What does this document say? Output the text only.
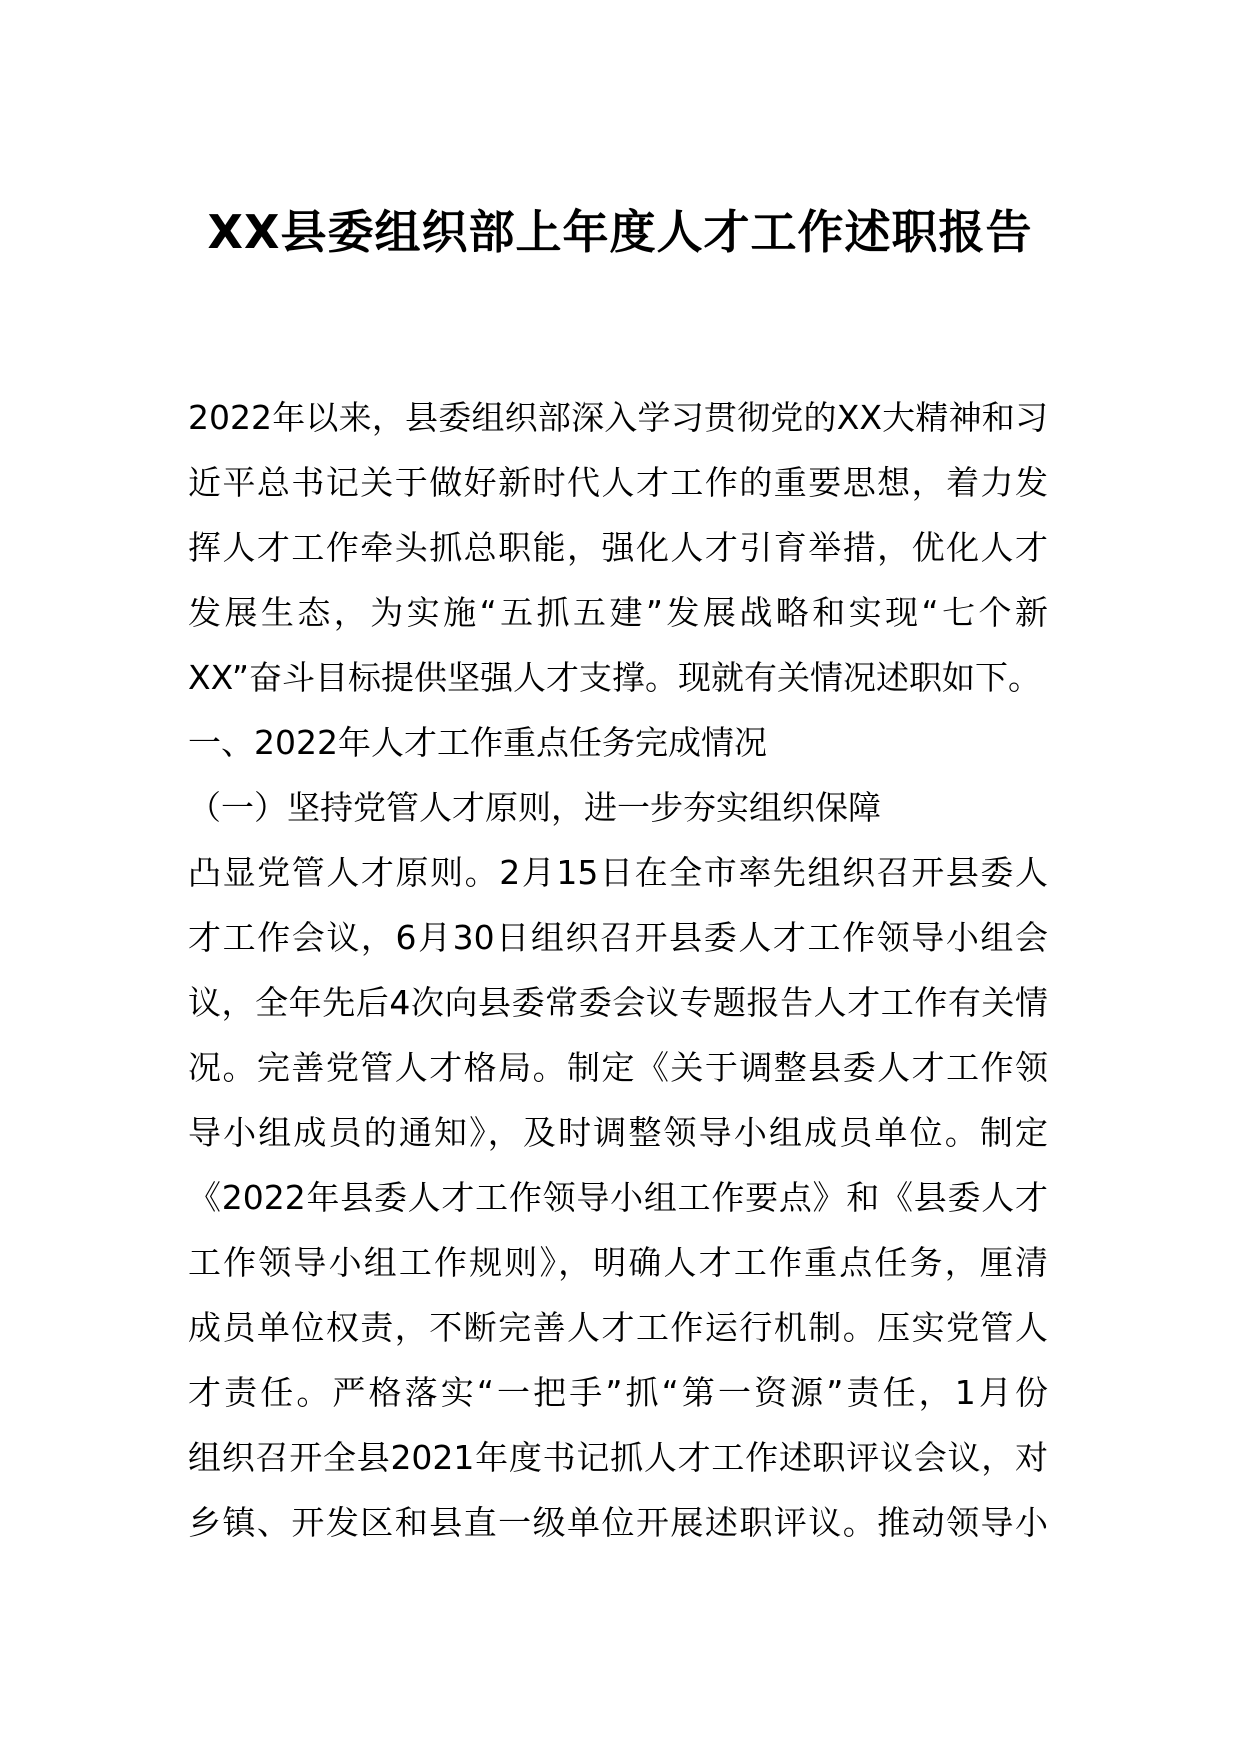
XX县委组织部上年度人才工作述职报告
2022年以来，县委组织部深入学习贯彻党的XX大精神和习
近平总书记关于做好新时代人才工作的重要思想，着力发
挥人才工作牵头抓总职能，强化人才引育举措，优化人才
发展生态，为实施“五抓五建”发展战略和实现“七个新
XX”奋斗目标提供坚强人才支撑。现就有关情况述职如下。
一、2022年人才工作重点任务完成情况
（一）坚持党管人才原则，进一步夯实组织保障
凸显党管人才原则。2月15日在全市率先组织召开县委人
才工作会议，6月30日组织召开县委人才工作领导小组会
议，全年先后4次向县委常委会议专题报告人才工作有关情
况。完善党管人才格局。制定《关于调整县委人才工作领
导小组成员的通知》，及时调整领导小组成员单位。制定
《2022年县委人才工作领导小组工作要点》和《县委人才
工作领导小组工作规则》，明确人才工作重点任务，厘清
成员单位权责，不断完善人才工作运行机制。压实党管人
才责任。严格落实“一把手”抓“第一资源”责任，1月份
组织召开全县2021年度书记抓人才工作述职评议会议，对
乡镇、开发区和县直一级单位开展述职评议。推动领导小
